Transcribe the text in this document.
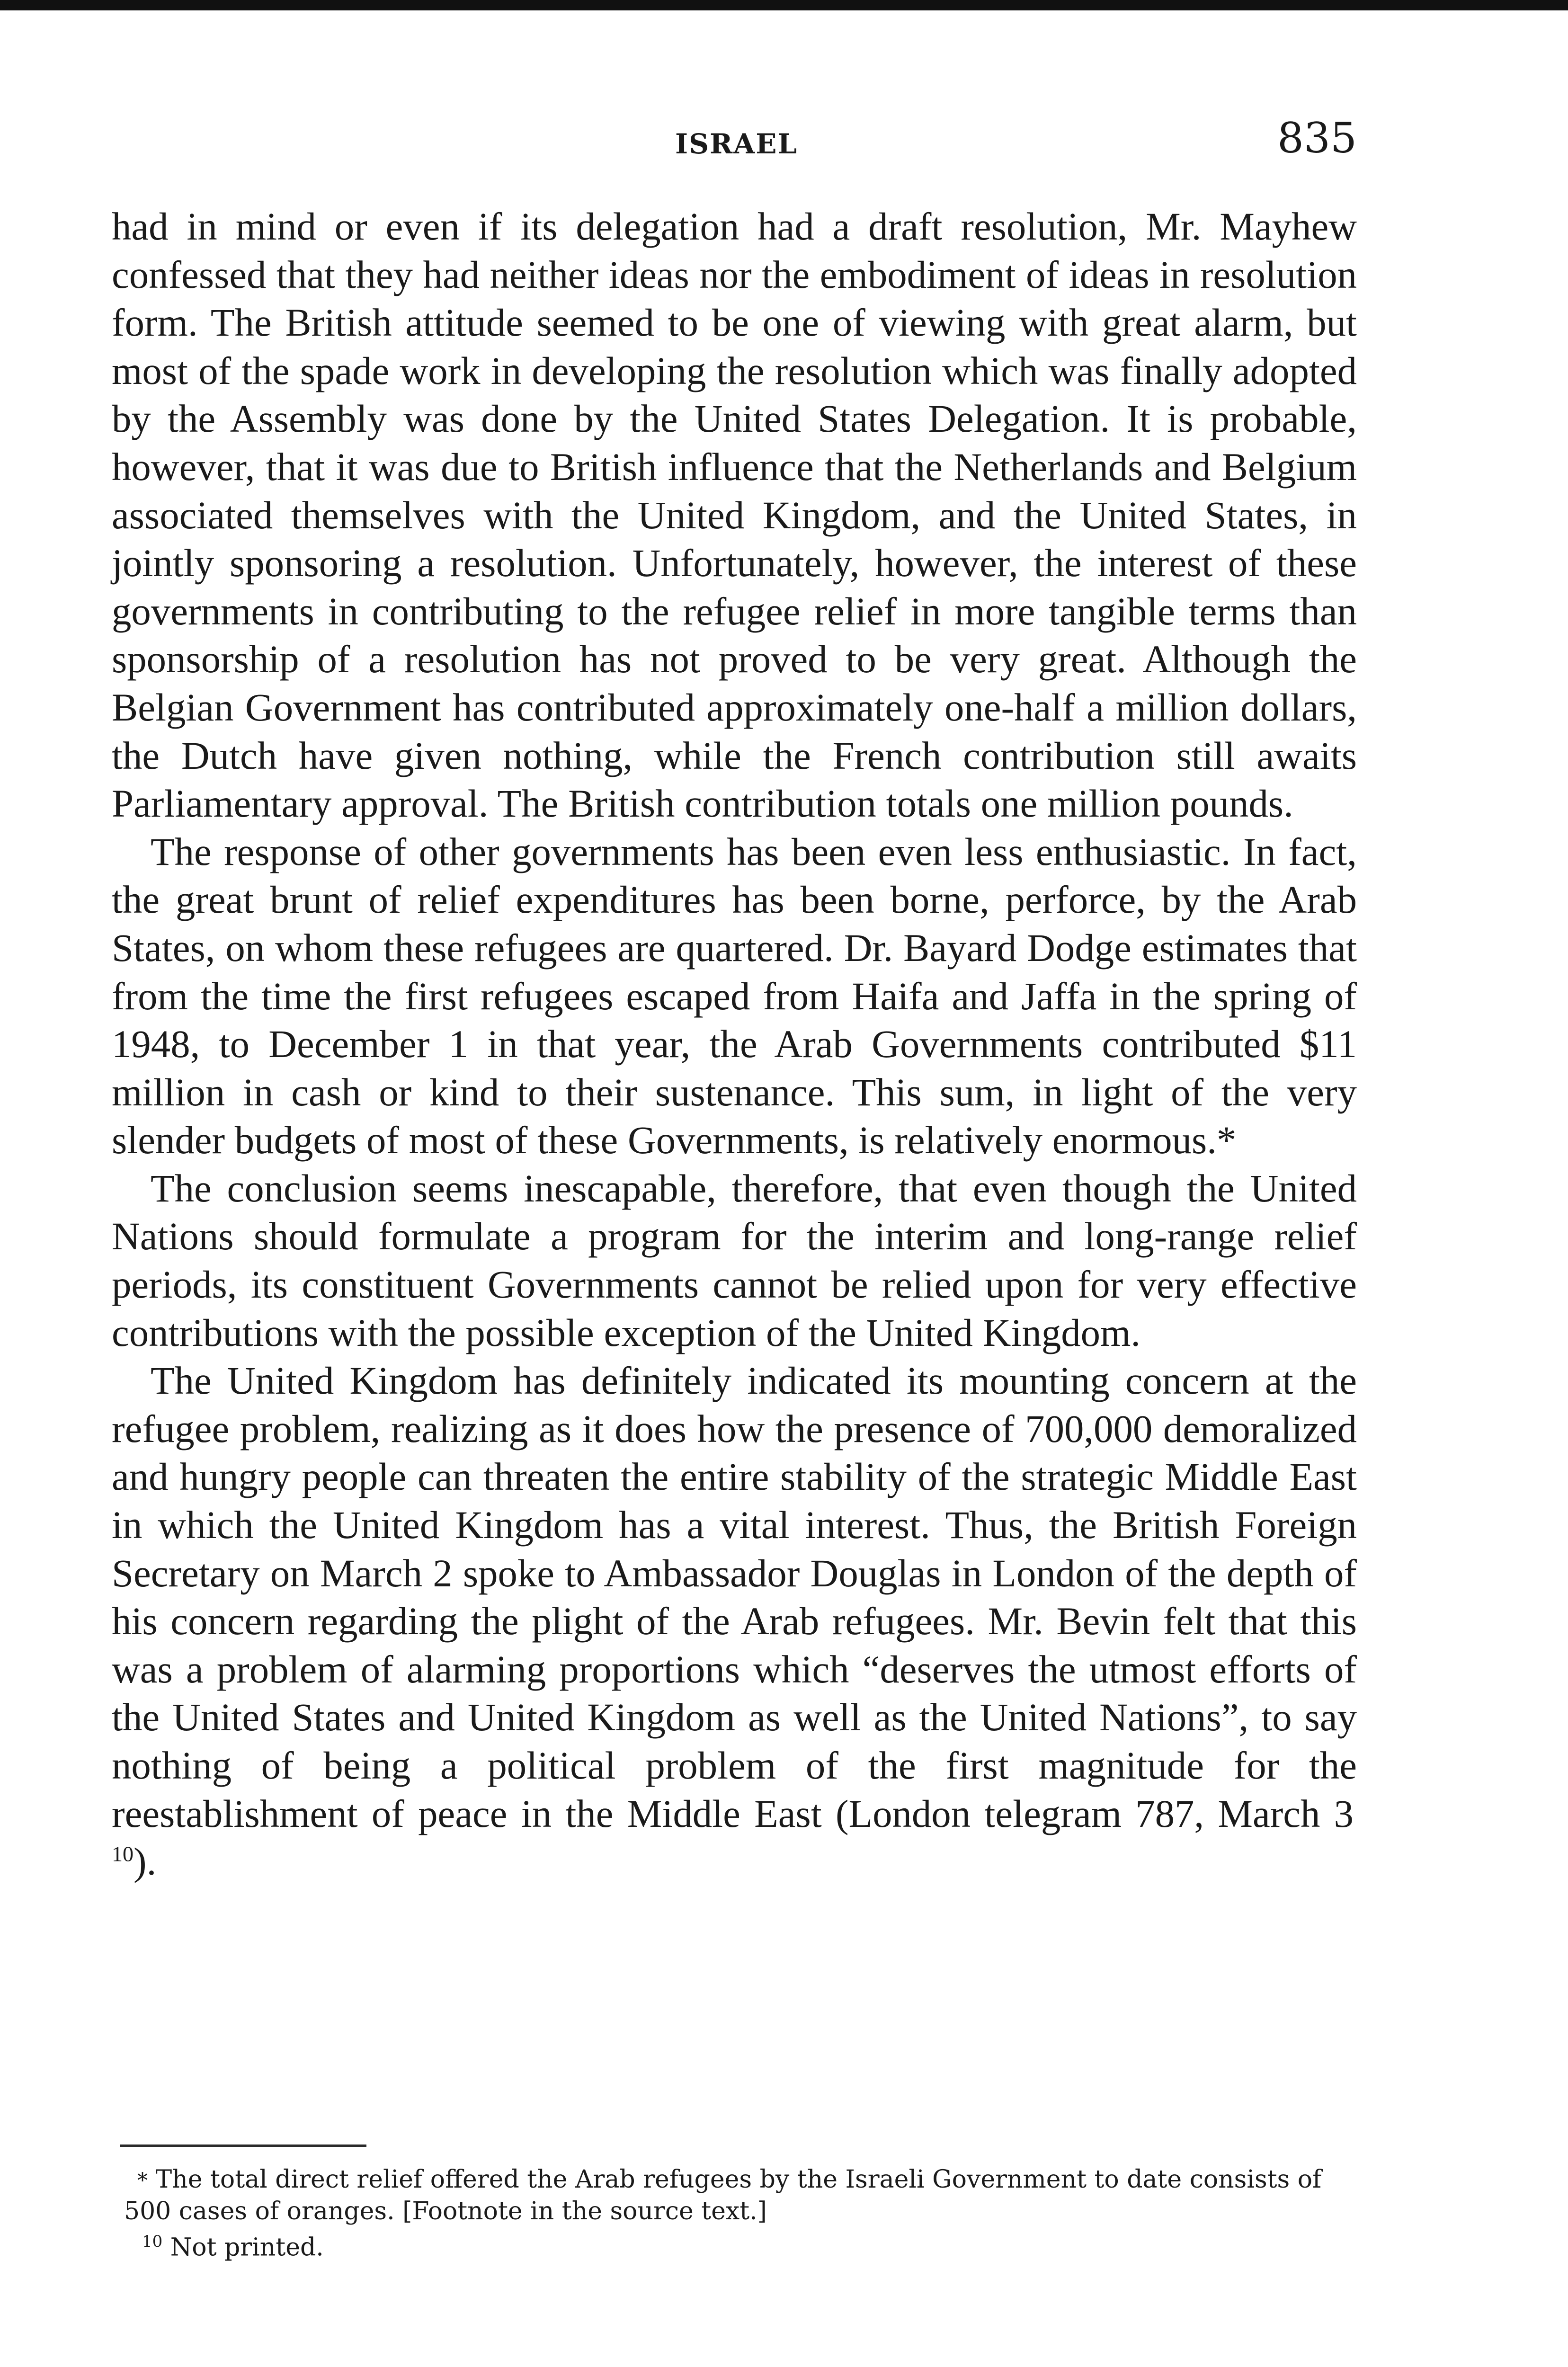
ISRAEL	835

had in mind or even if its delegation had a draft resolution, Mr. Mayhew confessed that they had neither ideas nor the embodiment of ideas in resolution form. The British attitude seemed to be one of viewing with great alarm, but most of the spade work in developing the resolution which was finally adopted by the Assembly was done by the United States Delegation. It is probable, however, that it was due to British influence that the Netherlands and Belgium associated themselves with the United Kingdom, and the United States, in jointly sponsoring a resolution. Unfortunately, however, the interest of these governments in contributing to the refugee relief in more tangible terms than sponsorship of a resolution has not proved to be very great. Although the Belgian Government has contributed approximately one-half a million dollars, the Dutch have given nothing, while the French contribution still awaits Parliamentary approval. The British contribution totals one million pounds.

The response of other governments has been even less enthusiastic. In fact, the great brunt of relief expenditures has been borne, perforce, by the Arab States, on whom these refugees are quartered. Dr. Bayard Dodge estimates that from the time the first refugees escaped from Haifa and Jaffa in the spring of 1948, to December 1 in that year, the Arab Governments contributed $11 million in cash or kind to their sustenance. This sum, in light of the very slender budgets of most of these Governments, is relatively enormous.*

The conclusion seems inescapable, therefore, that even though the United Nations should formulate a program for the interim and long-range relief periods, its constituent Governments cannot be relied upon for very effective contributions with the possible exception of the United Kingdom.

The United Kingdom has definitely indicated its mounting concern at the refugee problem, realizing as it does how the presence of 700,000 demoralized and hungry people can threaten the entire stability of the strategic Middle East in which the United Kingdom has a vital interest. Thus, the British Foreign Secretary on March 2 spoke to Ambassador Douglas in London of the depth of his concern regarding the plight of the Arab refugees. Mr. Bevin felt that this was a problem of alarming proportions which “deserves the utmost efforts of the United States and United Kingdom as well as the United Nations”, to say nothing of being a political problem of the first magnitude for the reestablishment of peace in the Middle East (London telegram 787, March 3 $^{10}$).

* The total direct relief offered the Arab refugees by the Israeli Government to date consists of 500 cases of oranges. [Footnote in the source text.]

$^{10}$ Not printed.
